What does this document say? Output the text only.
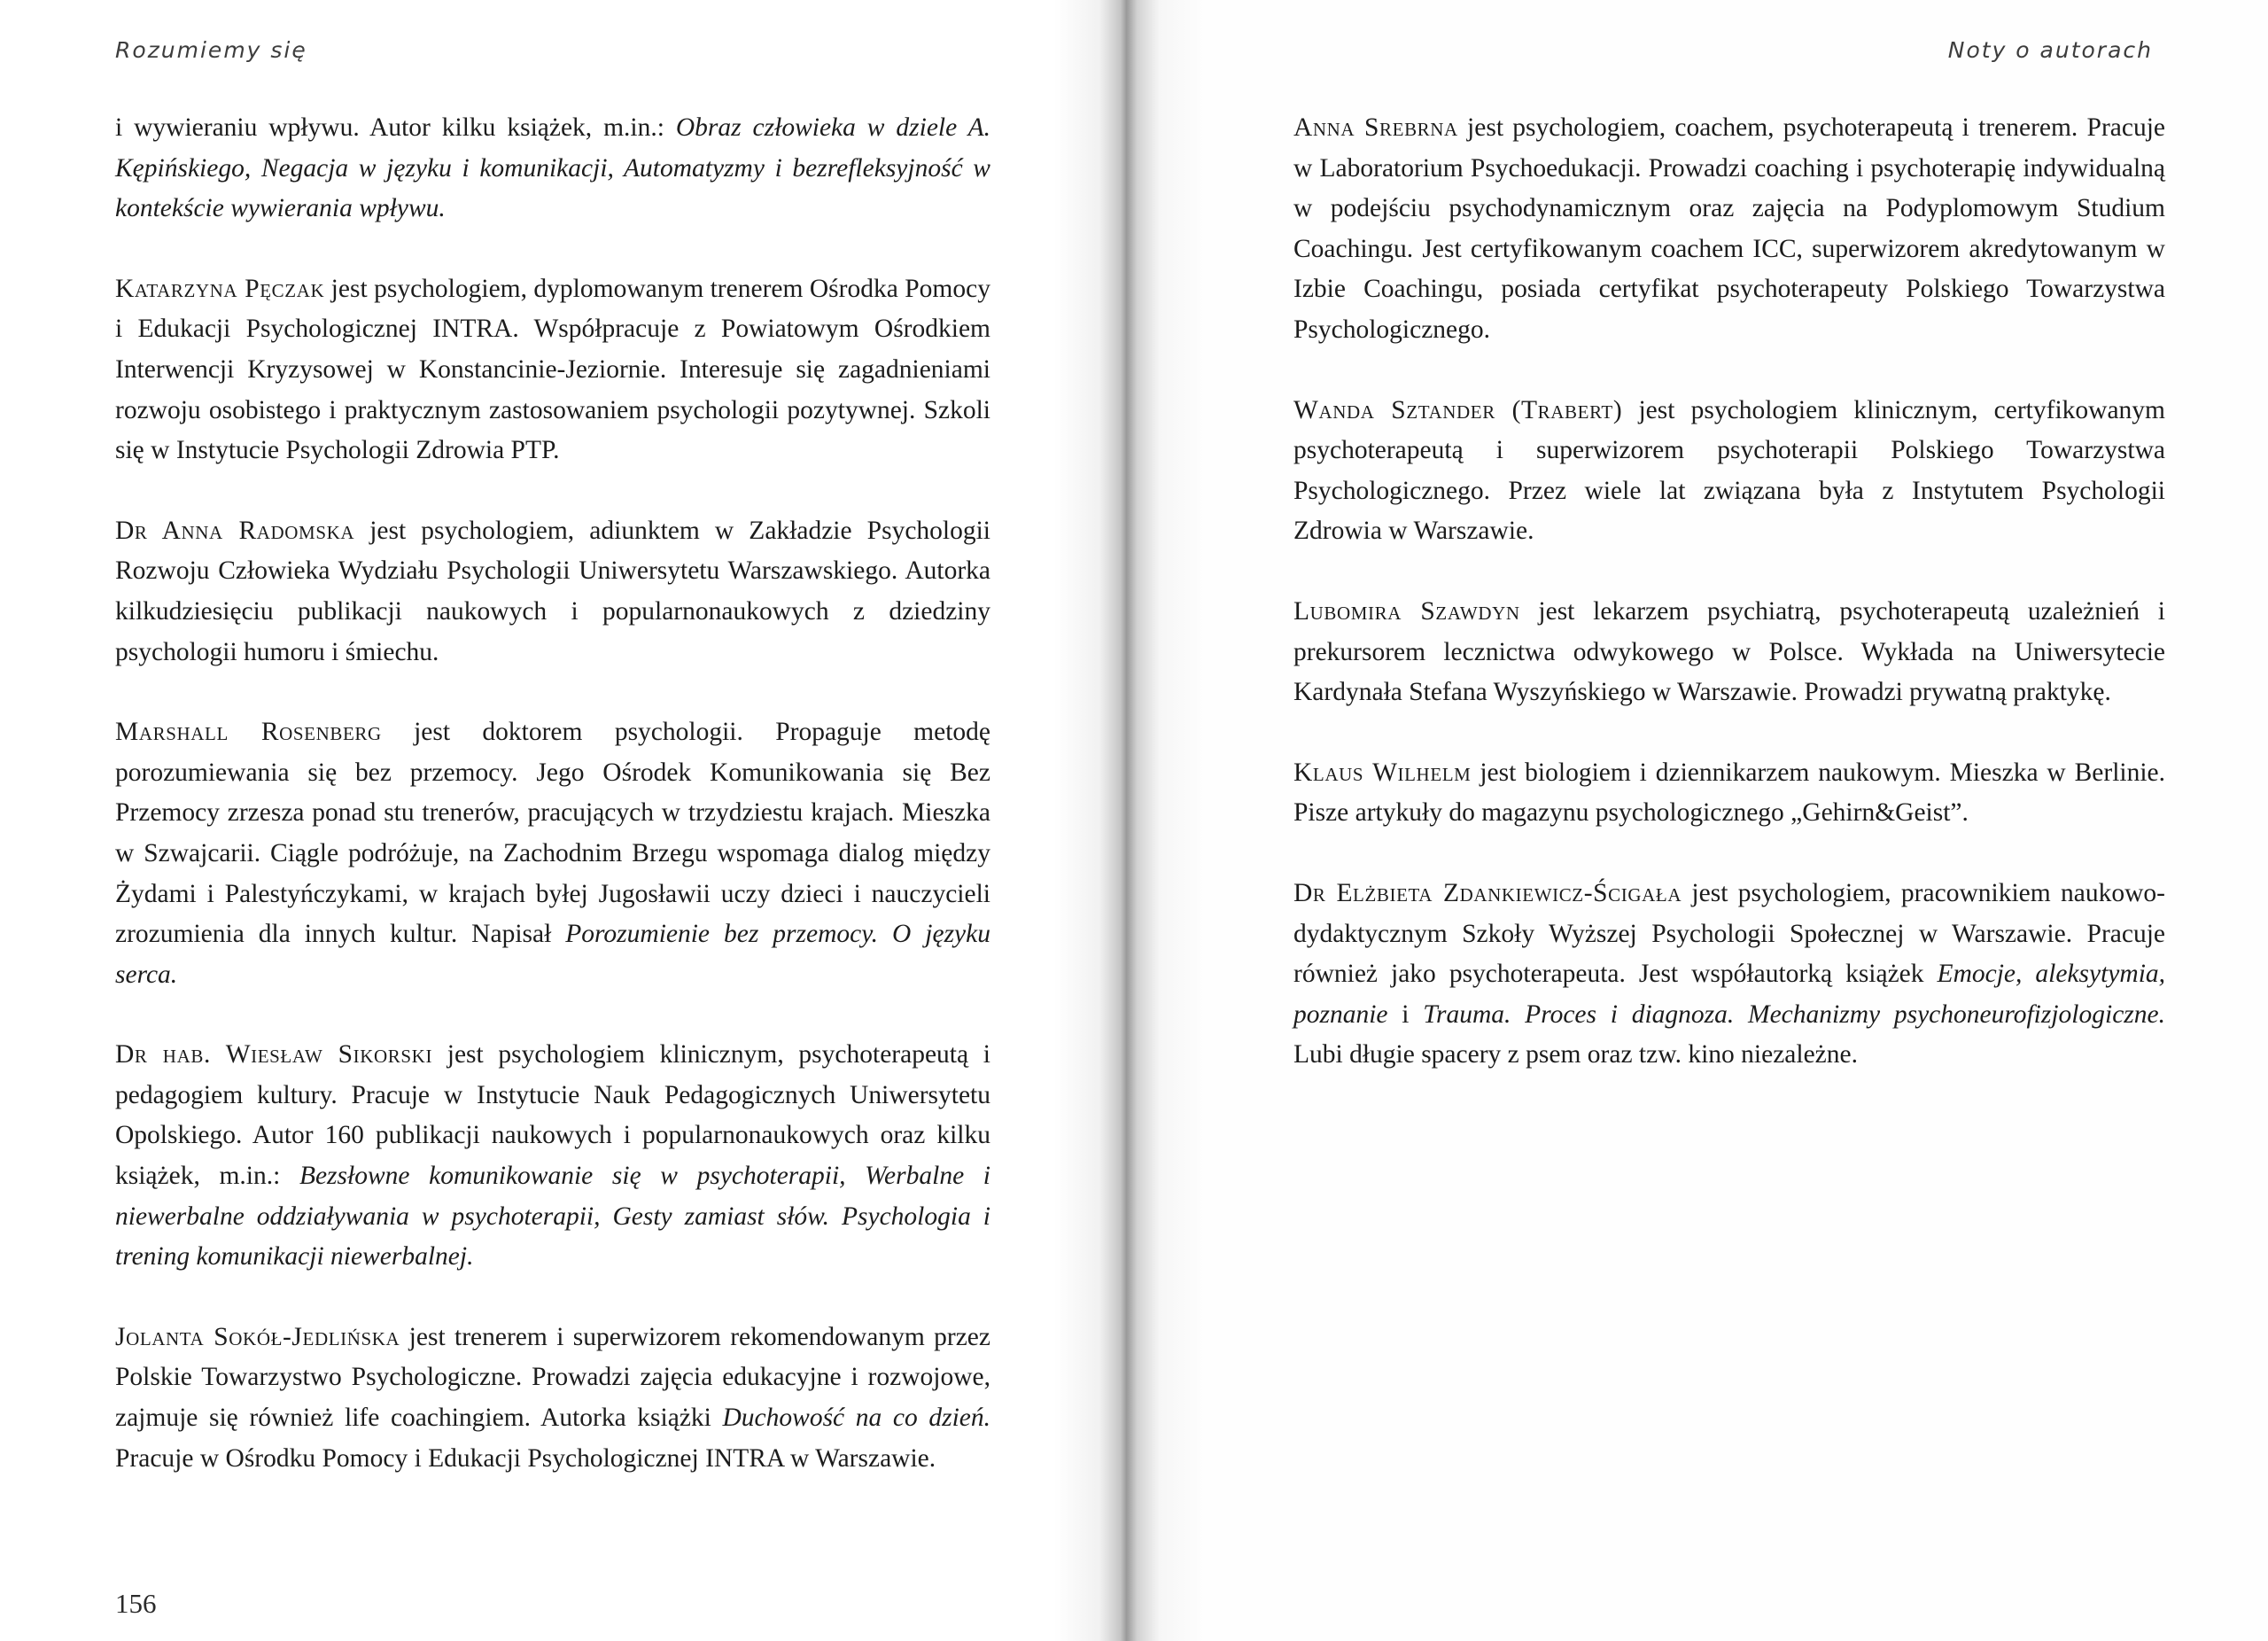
Rozumiemy się

i wywieraniu wpływu. Autor kilku książek, m.in.: Obraz człowieka w dziele A. Kępińskiego, Negacja w języku i komunikacji, Automatyzmy i bezrefleksyjność w kontekście wywierania wpływu.

Katarzyna Pęczak jest psychologiem, dyplomowanym trenerem Ośrodka Pomocy i Edukacji Psychologicznej INTRA. Współpracuje z Powiatowym Ośrodkiem Interwencji Kryzysowej w Konstancinie-Jeziornie. Interesuje się zagadnieniami rozwoju osobistego i praktycznym zastosowaniem psychologii pozytywnej. Szkoli się w Instytucie Psychologii Zdrowia PTP.

Dr Anna Radomska jest psychologiem, adiunktem w Zakładzie Psychologii Rozwoju Człowieka Wydziału Psychologii Uniwersytetu Warszawskiego. Autorka kilkudziesięciu publikacji naukowych i popularnonaukowych z dziedziny psychologii humoru i śmiechu.

Marshall Rosenberg jest doktorem psychologii. Propaguje metodę porozumiewania się bez przemocy. Jego Ośrodek Komunikowania się Bez Przemocy zrzesza ponad stu trenerów, pracujących w trzydziestu krajach. Mieszka w Szwajcarii. Ciągle podróżuje, na Zachodnim Brzegu wspomaga dialog między Żydami i Palestyńczykami, w krajach byłej Jugosławii uczy dzieci i nauczycieli zrozumienia dla innych kultur. Napisał Porozumienie bez przemocy. O języku serca.

Dr hab. Wiesław Sikorski jest psychologiem klinicznym, psychoterapeutą i pedagogiem kultury. Pracuje w Instytucie Nauk Pedagogicznych Uniwersytetu Opolskiego. Autor 160 publikacji naukowych i popularnonaukowych oraz kilku książek, m.in.: Bezsłowne komunikowanie się w psychoterapii, Werbalne i niewerbalne oddziaływania w psychoterapii, Gesty zamiast słów. Psychologia i trening komunikacji niewerbalnej.

Jolanta Sokół-Jedlińska jest trenerem i superwizorem rekomendowanym przez Polskie Towarzystwo Psychologiczne. Prowadzi zajęcia edukacyjne i rozwojowe, zajmuje się również life coachingiem. Autorka książki Duchowość na co dzień. Pracuje w Ośrodku Pomocy i Edukacji Psychologicznej INTRA w Warszawie.

156
Noty o autorach

Anna Srebrna jest psychologiem, coachem, psychoterapeutą i trenerem. Pracuje w Laboratorium Psychoedukacji. Prowadzi coaching i psychoterapię indywidualną w podejściu psychodynamicznym oraz zajęcia na Podyplomowym Studium Coachingu. Jest certyfikowanym coachem ICC, superwizorem akredytowanym w Izbie Coachingu, posiada certyfikat psychoterapeuty Polskiego Towarzystwa Psychologicznego.

Wanda Sztander (Trabert) jest psychologiem klinicznym, certyfikowanym psychoterapeutą i superwizorem psychoterapii Polskiego Towarzystwa Psychologicznego. Przez wiele lat związana była z Instytutem Psychologii Zdrowia w Warszawie.

Lubomira Szawdyn jest lekarzem psychiatrą, psychoterapeutą uzależnień i prekursorem lecznictwa odwykowego w Polsce. Wykłada na Uniwersytecie Kardynała Stefana Wyszyńskiego w Warszawie. Prowadzi prywatną praktykę.

Klaus Wilhelm jest biologiem i dziennikarzem naukowym. Mieszka w Berlinie. Pisze artykuły do magazynu psychologicznego „Gehirn&Geist”.

Dr Elżbieta Zdankiewicz-Ścigała jest psychologiem, pracownikiem naukowo-dydaktycznym Szkoły Wyższej Psychologii Społecznej w Warszawie. Pracuje również jako psychoterapeuta. Jest współautorką książek Emocje, aleksytymia, poznanie i Trauma. Proces i diagnoza. Mechanizmy psychoneurofizjologiczne. Lubi długie spacery z psem oraz tzw. kino niezależne.
